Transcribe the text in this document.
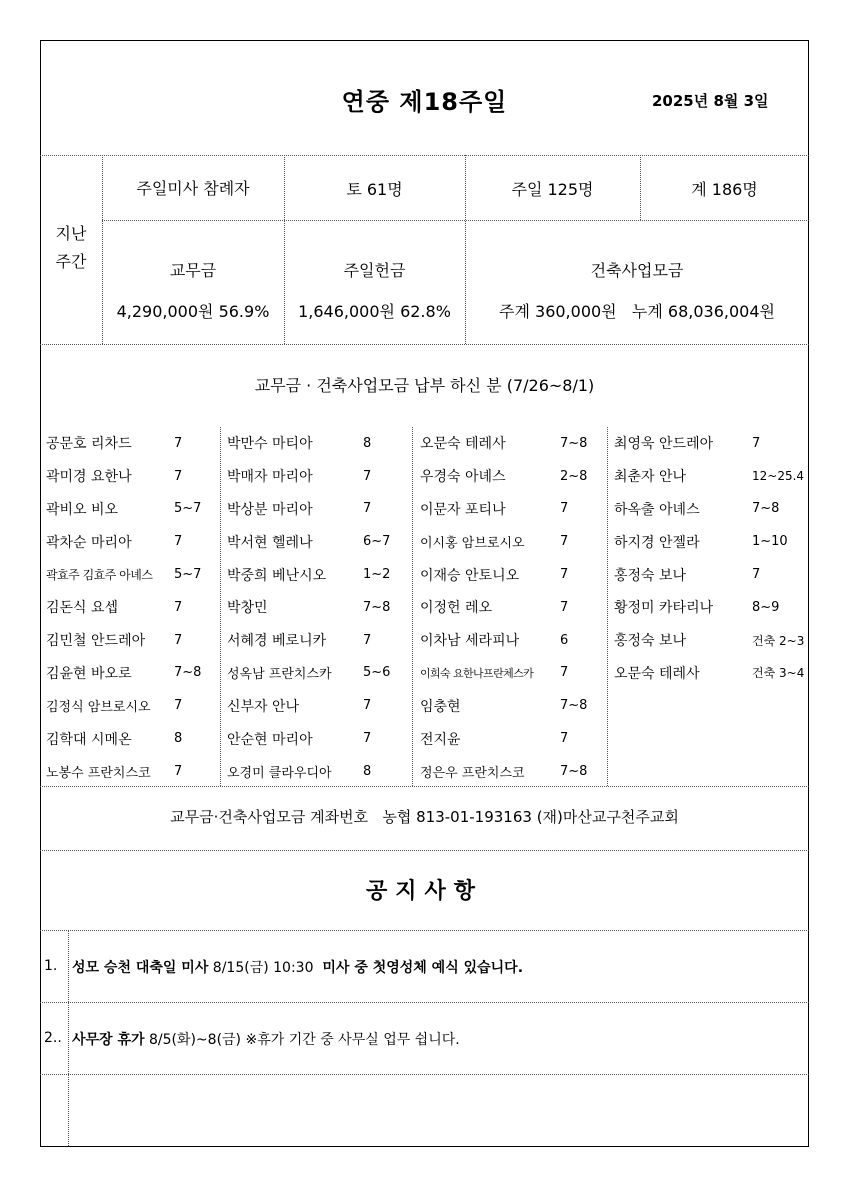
연중 제18주일	2025년 8월 3일
지난
주간
주일미사 참례자	토 61명	주일 125명	계 186명
교무금
4,290,000원 56.9%
주일헌금
1,646,000원 62.8%
건축사업모금
주계 360,000원   누계 68,036,004원
교무금 · 건축사업모금 납부 하신 분 (7/26~8/1)
공문호 리차드	7
곽미경 요한나	7
곽비오 비오	5~7
곽차순 마리아	7
곽효주 김효주 아녜스	5~7
김돈식 요셉	7
김민철 안드레아	7
김윤현 바오로	7~8
김정식 암브로시오	7
김학대 시메온	8
노봉수 프란치스코	7
박만수 마티아	8
박매자 마리아	7
박상분 마리아	7
박서현 헬레나	6~7
박중희 베난시오	1~2
박창민	7~8
서혜경 베로니카	7
성옥남 프란치스카	5~6
신부자 안나	7
안순현 마리아	7
오경미 클라우디아	8
오문숙 테레사	7~8
우경숙 아녜스	2~8
이문자 포티나	7
이시홍 암브로시오	7
이재승 안토니오	7
이정헌 레오	7
이차남 세라피나	6
이희숙 요한나프란체스카	7
임충현	7~8
전지윤	7
정은우 프란치스코	7~8
최영욱 안드레아	7
최춘자 안나	12~25.4
하옥출 아녜스	7~8
하지경 안젤라	1~10
홍정숙 보나	7
황정미 카타리나	8~9
홍정숙 보나	건축 2~3
오문숙 테레사	건축 3~4
교무금·건축사업모금 계좌번호   농협 813-01-193163 (재)마산교구천주교회
공지사항
1. 성모 승천 대축일 미사 8/15(금) 10:30  미사 중 첫영성체 예식 있습니다.
2.. 사무장 휴가 8/5(화)~8(금) ※휴가 기간 중 사무실 업무 쉽니다.
